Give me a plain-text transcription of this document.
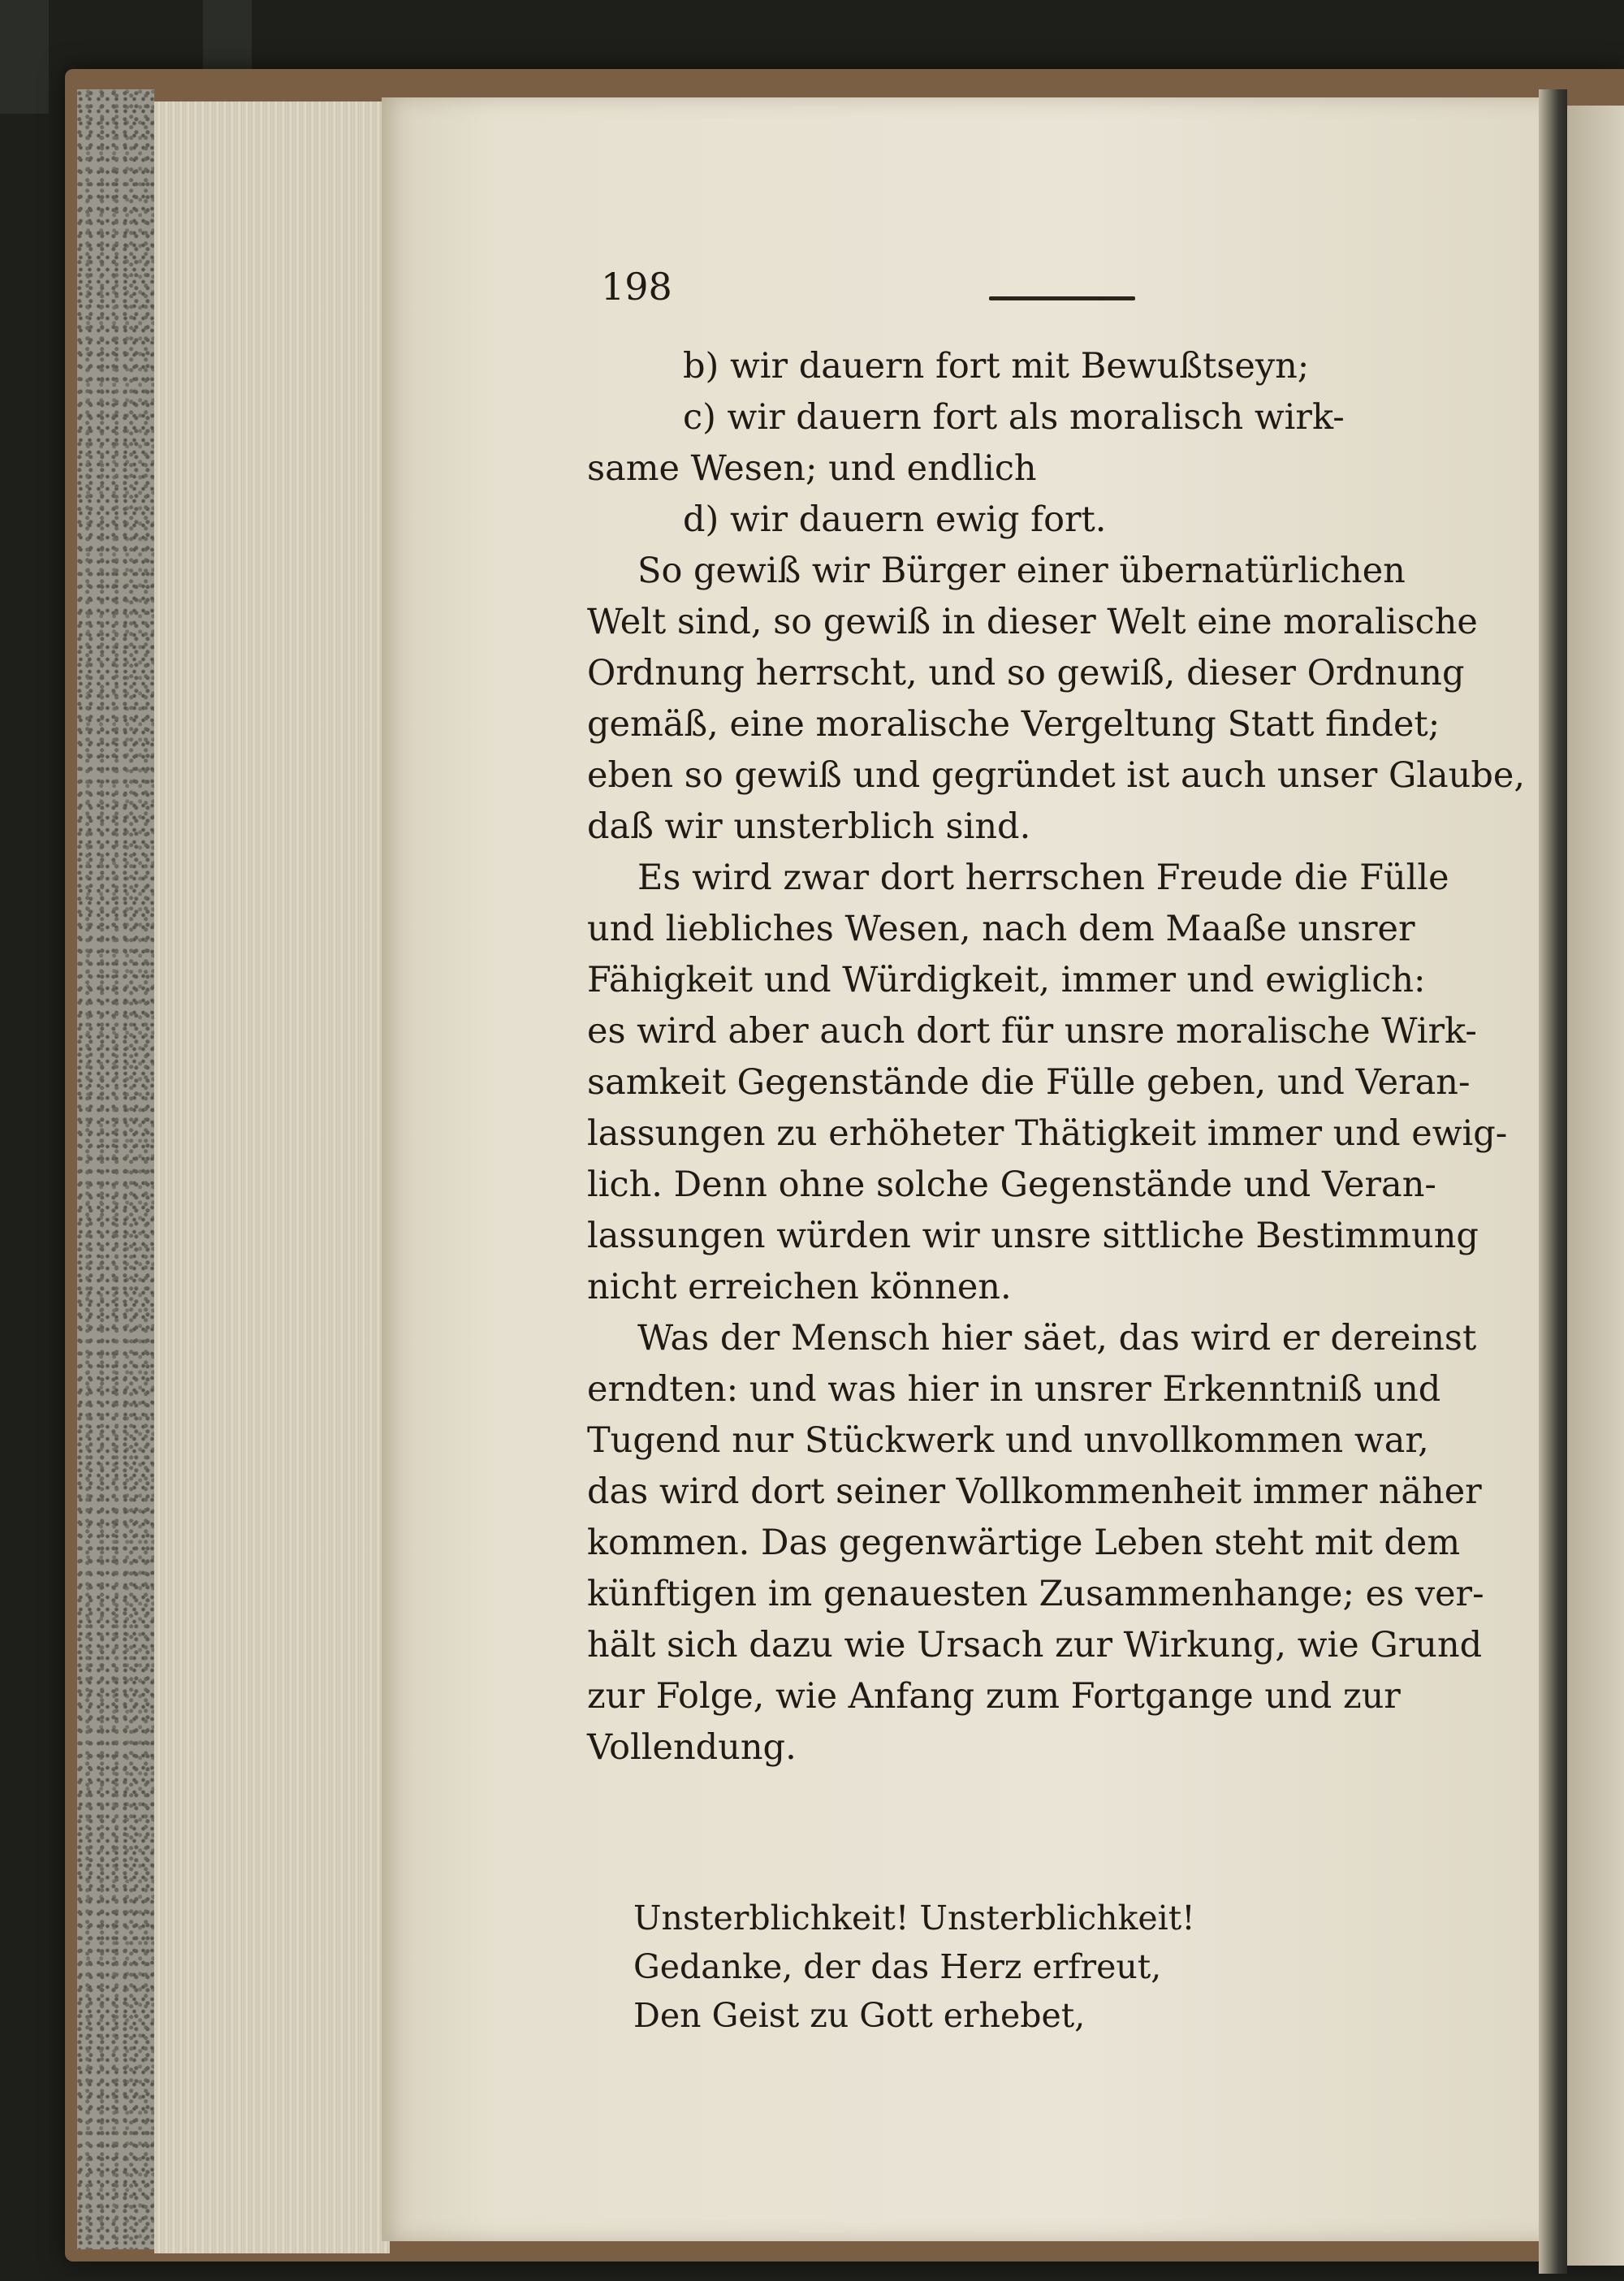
198
b) wir dauern fort mit Bewußtseyn;
c) wir dauern fort als moralisch wirk-
same Wesen; und endlich
d) wir dauern ewig fort.
So gewiß wir Bürger einer übernatürlichen
Welt sind, so gewiß in dieser Welt eine moralische
Ordnung herrscht, und so gewiß, dieser Ordnung
gemäß, eine moralische Vergeltung Statt findet;
eben so gewiß und gegründet ist auch unser Glaube,
daß wir unsterblich sind.
Es wird zwar dort herrschen Freude die Fülle
und liebliches Wesen, nach dem Maaße unsrer
Fähigkeit und Würdigkeit, immer und ewiglich:
es wird aber auch dort für unsre moralische Wirk-
samkeit Gegenstände die Fülle geben, und Veran-
lassungen zu erhöheter Thätigkeit immer und ewig-
lich. Denn ohne solche Gegenstände und Veran-
lassungen würden wir unsre sittliche Bestimmung
nicht erreichen können.
Was der Mensch hier säet, das wird er dereinst
erndten: und was hier in unsrer Erkenntniß und
Tugend nur Stückwerk und unvollkommen war,
das wird dort seiner Vollkommenheit immer näher
kommen. Das gegenwärtige Leben steht mit dem
künftigen im genauesten Zusammenhange; es ver-
hält sich dazu wie Ursach zur Wirkung, wie Grund
zur Folge, wie Anfang zum Fortgange und zur
Vollendung.
Unsterblichkeit! Unsterblichkeit!
Gedanke, der das Herz erfreut,
Den Geist zu Gott erhebet,
